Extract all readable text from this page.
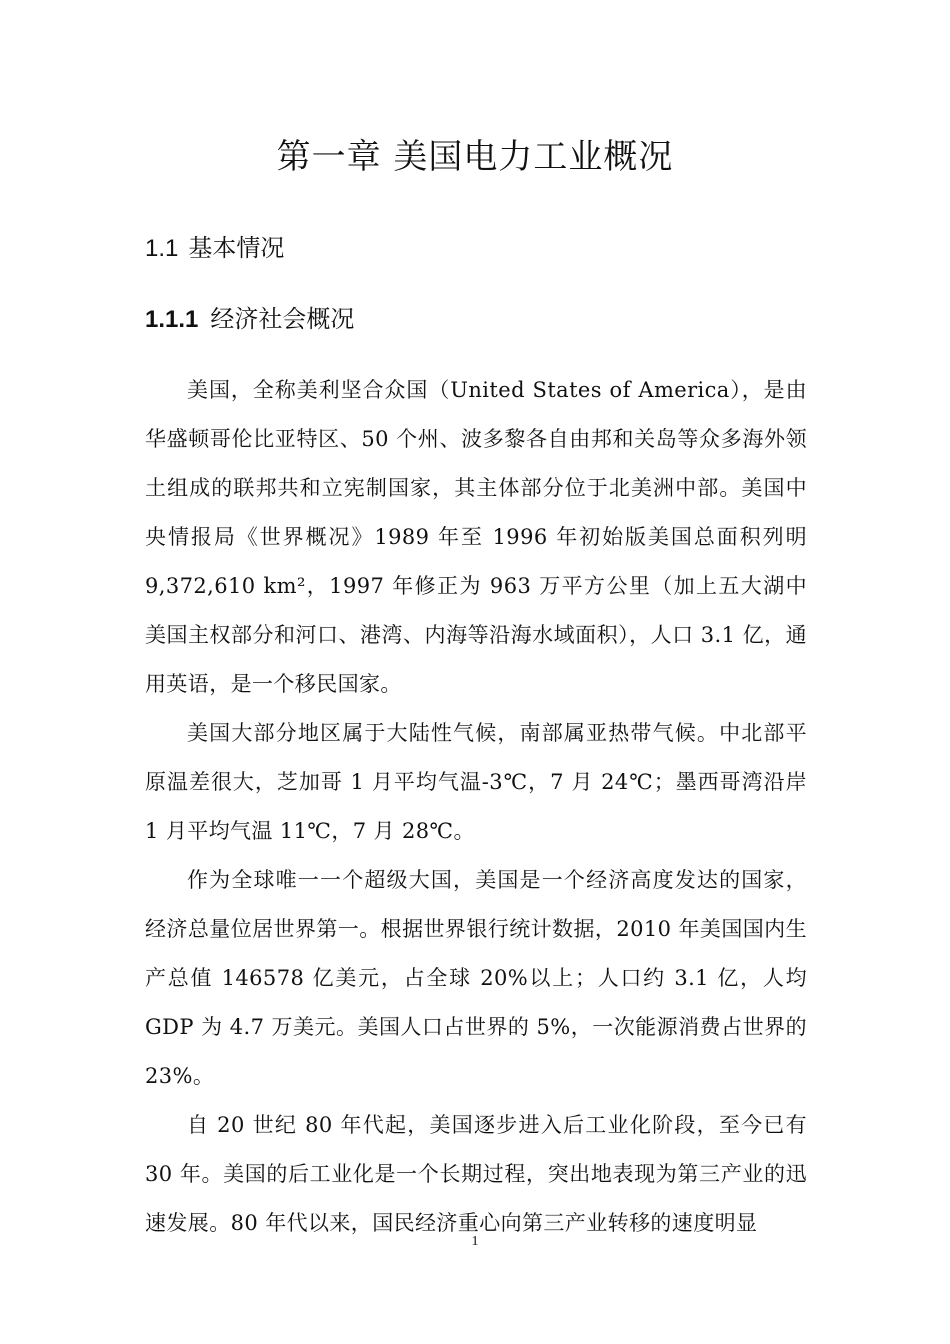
第一章 美国电力工业概况
1.1 基本情况
1.1.1 经济社会概况

美国，全称美利坚合众国（United States of America），是由华盛顿哥伦比亚特区、50 个州、波多黎各自由邦和关岛等众多海外领土组成的联邦共和立宪制国家，其主体部分位于北美洲中部。美国中央情报局《世界概况》1989 年至 1996 年初始版美国总面积列明 9,372,610 km²，1997 年修正为 963 万平方公里（加上五大湖中美国主权部分和河口、港湾、内海等沿海水域面积），人口 3.1 亿，通用英语，是一个移民国家。

美国大部分地区属于大陆性气候，南部属亚热带气候。中北部平原温差很大，芝加哥 1 月平均气温-3℃，7 月 24℃；墨西哥湾沿岸 1 月平均气温 11℃，7 月 28℃。

作为全球唯一一个超级大国，美国是一个经济高度发达的国家，经济总量位居世界第一。根据世界银行统计数据，2010 年美国国内生产总值 146578 亿美元，占全球 20%以上；人口约 3.1 亿，人均 GDP 为 4.7 万美元。美国人口占世界的 5%，一次能源消费占世界的 23%。

自 20 世纪 80 年代起，美国逐步进入后工业化阶段，至今已有 30 年。美国的后工业化是一个长期过程，突出地表现为第三产业的迅速发展。80 年代以来，国民经济重心向第三产业转移的速度明显

1
